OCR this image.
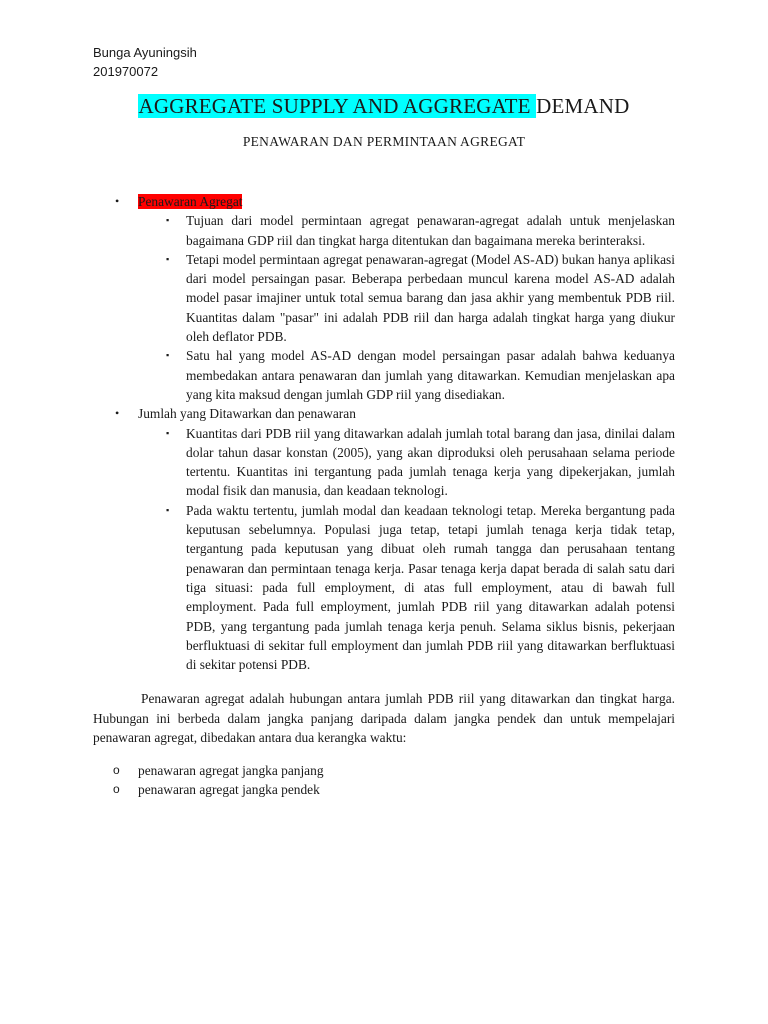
Bunga Ayuningsih
201970072
AGGREGATE SUPPLY AND AGGREGATE DEMAND
PENAWARAN DAN PERMINTAAN AGREGAT
• Penawaran Agregat
▪ Tujuan dari model permintaan agregat penawaran-agregat adalah untuk menjelaskan bagaimana GDP riil dan tingkat harga ditentukan dan bagaimana mereka berinteraksi.
▪ Tetapi model permintaan agregat penawaran-agregat (Model AS-AD) bukan hanya aplikasi dari model persaingan pasar. Beberapa perbedaan muncul karena model AS-AD adalah model pasar imajiner untuk total semua barang dan jasa akhir yang membentuk PDB riil. Kuantitas dalam "pasar" ini adalah PDB riil dan harga adalah tingkat harga yang diukur oleh deflator PDB.
▪ Satu hal yang model AS-AD dengan model persaingan pasar adalah bahwa keduanya membedakan antara penawaran dan jumlah yang ditawarkan. Kemudian menjelaskan apa yang kita maksud dengan jumlah GDP riil yang disediakan.
• Jumlah yang Ditawarkan dan penawaran
▪ Kuantitas dari PDB riil yang ditawarkan adalah jumlah total barang dan jasa, dinilai dalam dolar tahun dasar konstan (2005), yang akan diproduksi oleh perusahaan selama periode tertentu. Kuantitas ini tergantung pada jumlah tenaga kerja yang dipekerjakan, jumlah modal fisik dan manusia, dan keadaan teknologi.
▪ Pada waktu tertentu, jumlah modal dan keadaan teknologi tetap. Mereka bergantung pada keputusan sebelumnya. Populasi juga tetap, tetapi jumlah tenaga kerja tidak tetap, tergantung pada keputusan yang dibuat oleh rumah tangga dan perusahaan tentang penawaran dan permintaan tenaga kerja. Pasar tenaga kerja dapat berada di salah satu dari tiga situasi: pada full employment, di atas full employment, atau di bawah full employment. Pada full employment, jumlah PDB riil yang ditawarkan adalah potensi PDB, yang tergantung pada jumlah tenaga kerja penuh. Selama siklus bisnis, pekerjaan berfluktuasi di sekitar full employment dan jumlah PDB riil yang ditawarkan berfluktuasi di sekitar potensi PDB.

Penawaran agregat adalah hubungan antara jumlah PDB riil yang ditawarkan dan tingkat harga. Hubungan ini berbeda dalam jangka panjang daripada dalam jangka pendek dan untuk mempelajari penawaran agregat, dibedakan antara dua kerangka waktu:

o penawaran agregat jangka panjang
o penawaran agregat jangka pendek
